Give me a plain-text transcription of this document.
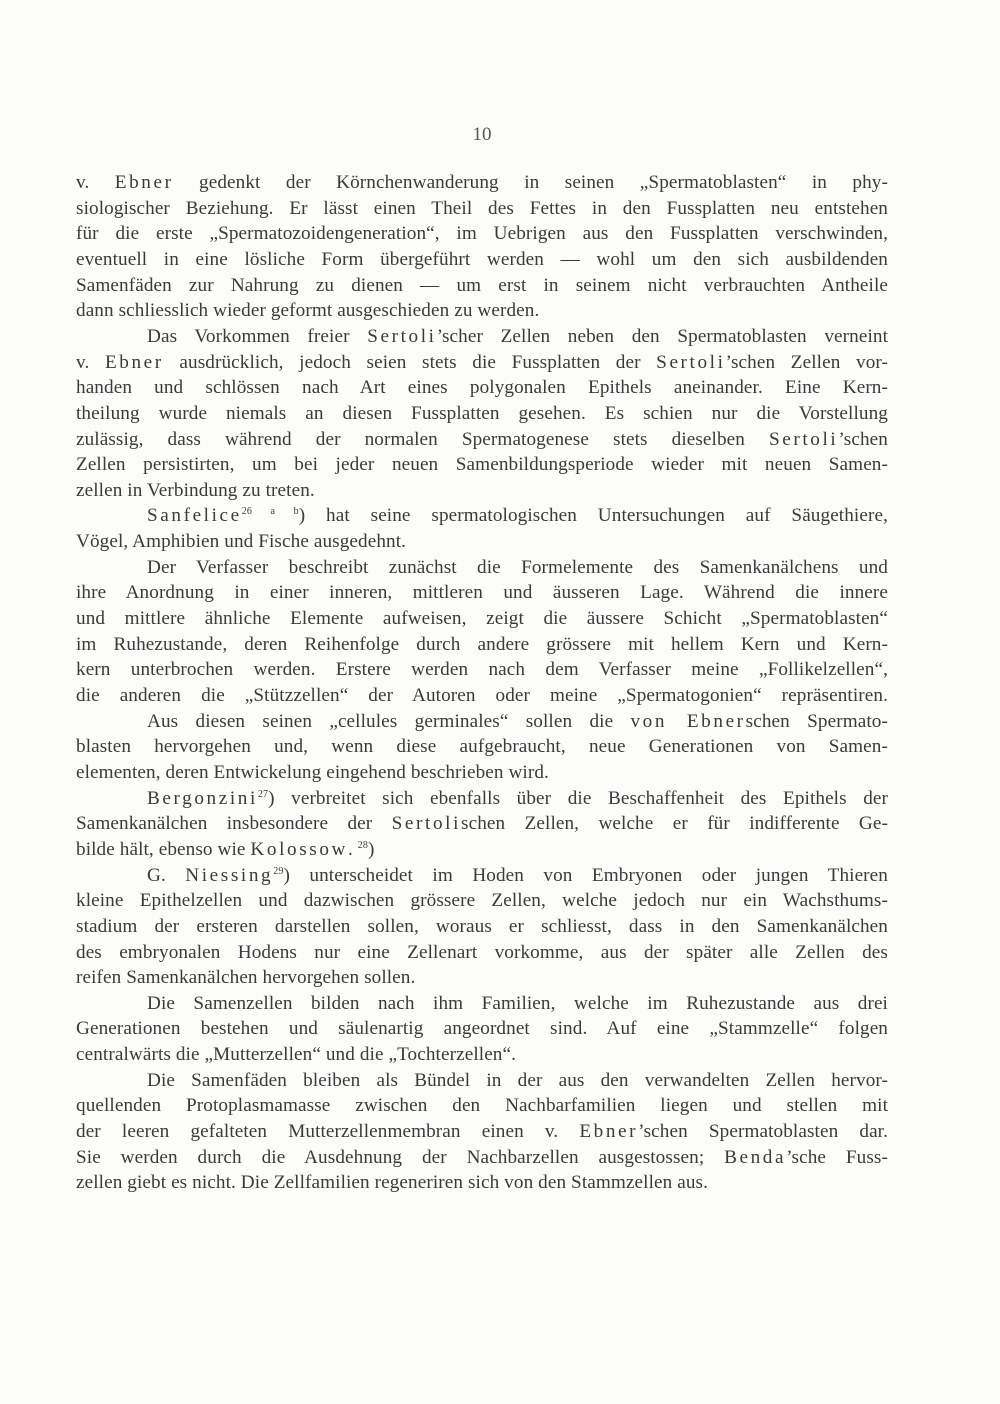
10
v. Ebner gedenkt der Körnchenwanderung in seinen „Spermatoblasten“ in phy-
siologischer Beziehung. Er lässt einen Theil des Fettes in den Fussplatten neu entstehen
für die erste „Spermatozoidengeneration“, im Uebrigen aus den Fussplatten verschwinden,
eventuell in eine lösliche Form übergeführt werden — wohl um den sich ausbildenden
Samenfäden zur Nahrung zu dienen — um erst in seinem nicht verbrauchten Antheile
dann schliesslich wieder geformt ausgeschieden zu werden.
Das Vorkommen freier Sertoli’scher Zellen neben den Spermatoblasten verneint
v. Ebner ausdrücklich, jedoch seien stets die Fussplatten der Sertoli’schen Zellen vor-
handen und schlössen nach Art eines polygonalen Epithels aneinander. Eine Kern-
theilung wurde niemals an diesen Fussplatten gesehen. Es schien nur die Vorstellung
zulässig, dass während der normalen Spermatogenese stets dieselben Sertoli’schen
Zellen persistirten, um bei jeder neuen Samenbildungsperiode wieder mit neuen Samen-
zellen in Verbindung zu treten.
Sanfelice$^{26 a b}$) hat seine spermatologischen Untersuchungen auf Säugethiere,
Vögel, Amphibien und Fische ausgedehnt.
Der Verfasser beschreibt zunächst die Formelemente des Samenkanälchens und
ihre Anordnung in einer inneren, mittleren und äusseren Lage. Während die innere
und mittlere ähnliche Elemente aufweisen, zeigt die äussere Schicht „Spermatoblasten“
im Ruhezustande, deren Reihenfolge durch andere grössere mit hellem Kern und Kern-
kern unterbrochen werden. Erstere werden nach dem Verfasser meine „Follikelzellen“,
die anderen die „Stützzellen“ der Autoren oder meine „Spermatogonien“ repräsentiren.
Aus diesen seinen „cellules germinales“ sollen die von Ebnerschen Spermato-
blasten hervorgehen und, wenn diese aufgebraucht, neue Generationen von Samen-
elementen, deren Entwickelung eingehend beschrieben wird.
Bergonzini$^{27}$) verbreitet sich ebenfalls über die Beschaffenheit des Epithels der
Samenkanälchen insbesondere der Sertolischen Zellen, welche er für indifferente Ge-
bilde hält, ebenso wie Kolossow. $^{28}$)
G. Niessing$^{29}$) unterscheidet im Hoden von Embryonen oder jungen Thieren
kleine Epithelzellen und dazwischen grössere Zellen, welche jedoch nur ein Wachsthums-
stadium der ersteren darstellen sollen, woraus er schliesst, dass in den Samenkanälchen
des embryonalen Hodens nur eine Zellenart vorkomme, aus der später alle Zellen des
reifen Samenkanälchen hervorgehen sollen.
Die Samenzellen bilden nach ihm Familien, welche im Ruhezustande aus drei
Generationen bestehen und säulenartig angeordnet sind. Auf eine „Stammzelle“ folgen
centralwärts die „Mutterzellen“ und die „Tochterzellen“.
Die Samenfäden bleiben als Bündel in der aus den verwandelten Zellen hervor-
quellenden Protoplasmamasse zwischen den Nachbarfamilien liegen und stellen mit
der leeren gefalteten Mutterzellenmembran einen v. Ebner’schen Spermatoblasten dar.
Sie werden durch die Ausdehnung der Nachbarzellen ausgestossen; Benda’sche Fuss-
zellen giebt es nicht. Die Zellfamilien regeneriren sich von den Stammzellen aus.
